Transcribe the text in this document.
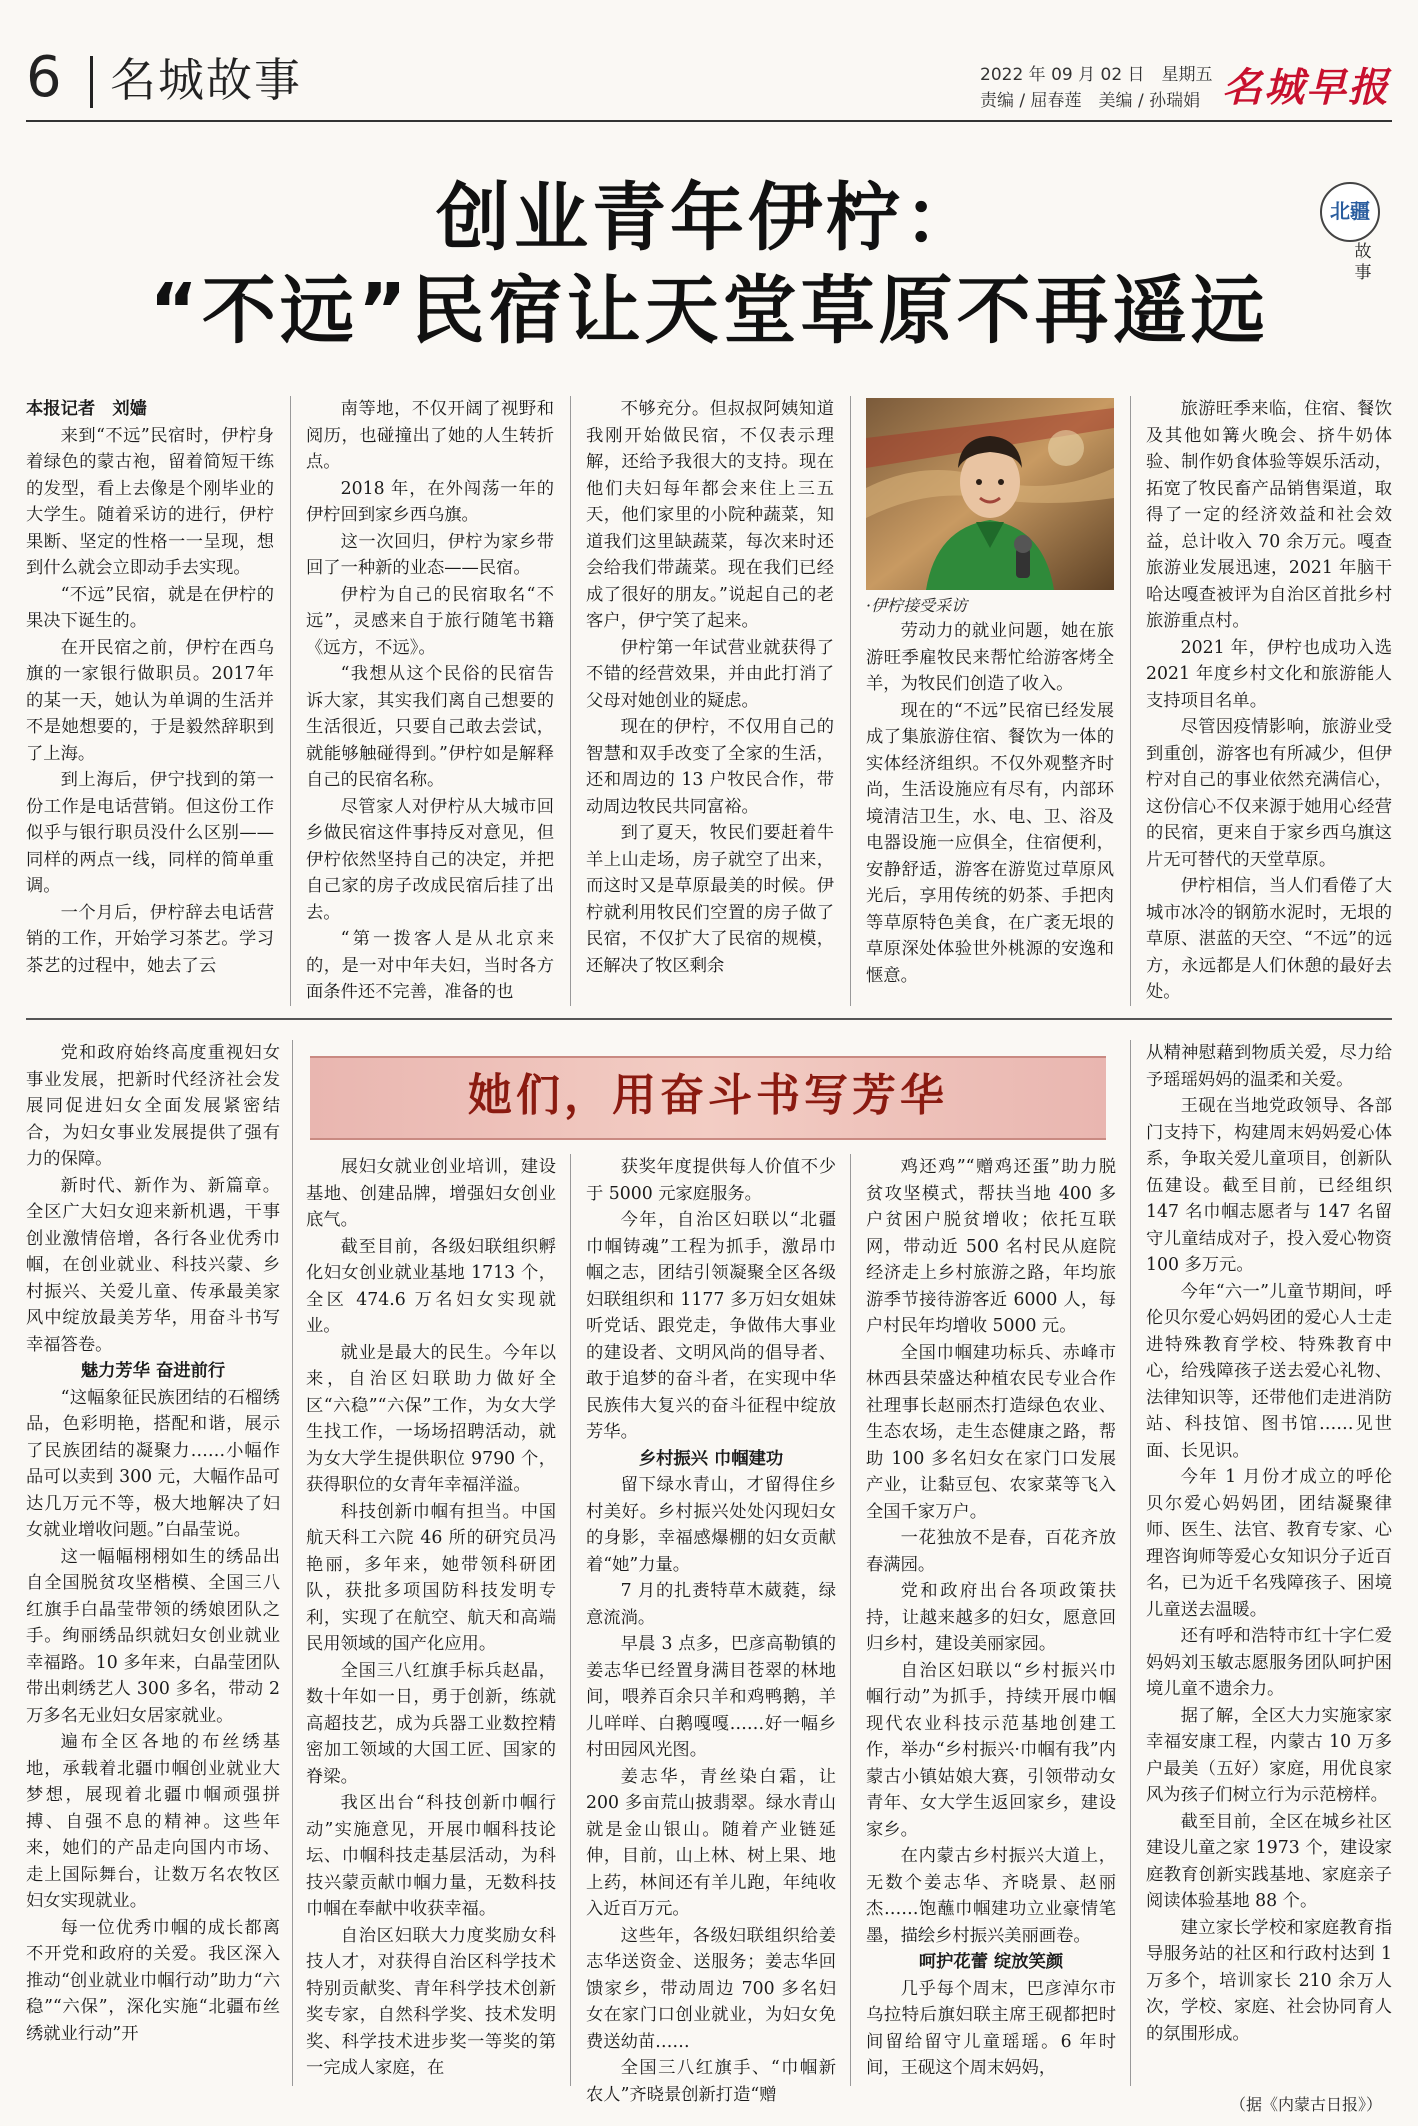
6 名城故事	2022 年 09 月 02 日　星期五
责编 / 屈春莲　美编 / 孙瑞娟 名城早报
创业青年伊柠：
“不远”民宿让天堂草原不再遥远
北疆
故事

本报记者　刘嫱

来到“不远”民宿时，伊柠身着绿色的蒙古袍，留着简短干练的发型，看上去像是个刚毕业的大学生。随着采访的进行，伊柠果断、坚定的性格一一呈现，想到什么就会立即动手去实现。

“不远”民宿，就是在伊柠的果决下诞生的。

在开民宿之前，伊柠在西乌旗的一家银行做职员。2017年的某一天，她认为单调的生活并不是她想要的，于是毅然辞职到了上海。

到上海后，伊宁找到的第一份工作是电话营销。但这份工作似乎与银行职员没什么区别——同样的两点一线，同样的简单重调。

一个月后，伊柠辞去电话营销的工作，开始学习茶艺。学习茶艺的过程中，她去了云

南等地，不仅开阔了视野和阅历，也碰撞出了她的人生转折点。

2018 年，在外闯荡一年的伊柠回到家乡西乌旗。

这一次回归，伊柠为家乡带回了一种新的业态——民宿。

伊柠为自己的民宿取名“不远”，灵感来自于旅行随笔书籍《远方，不远》。

“我想从这个民俗的民宿告诉大家，其实我们离自己想要的生活很近，只要自己敢去尝试，就能够触碰得到。”伊柠如是解释自己的民宿名称。

尽管家人对伊柠从大城市回乡做民宿这件事持反对意见，但伊柠依然坚持自己的决定，并把自己家的房子改成民宿后挂了出去。

“第一拨客人是从北京来的，是一对中年夫妇，当时各方面条件还不完善，准备的也

不够充分。但叔叔阿姨知道我刚开始做民宿，不仅表示理解，还给予我很大的支持。现在他们夫妇每年都会来住上三五天，他们家里的小院种蔬菜，知道我们这里缺蔬菜，每次来时还会给我们带蔬菜。现在我们已经成了很好的朋友。”说起自己的老客户，伊宁笑了起来。

伊柠第一年试营业就获得了不错的经营效果，并由此打消了父母对她创业的疑虑。

现在的伊柠，不仅用自己的智慧和双手改变了全家的生活，还和周边的 13 户牧民合作，带动周边牧民共同富裕。

到了夏天，牧民们要赶着牛羊上山走场，房子就空了出来，而这时又是草原最美的时候。伊柠就利用牧民们空置的房子做了民宿，不仅扩大了民宿的规模，还解决了牧区剩余

·伊柠接受采访

劳动力的就业问题，她在旅游旺季雇牧民来帮忙给游客烤全羊，为牧民们创造了收入。

现在的“不远”民宿已经发展成了集旅游住宿、餐饮为一体的实体经济组织。不仅外观整齐时尚，生活设施应有尽有，内部环境清洁卫生，水、电、卫、浴及电器设施一应俱全，住宿便利，安静舒适，游客在游览过草原风光后，享用传统的奶茶、手把肉等草原特色美食，在广袤无垠的草原深处体验世外桃源的安逸和惬意。

旅游旺季来临，住宿、餐饮及其他如篝火晚会、挤牛奶体验、制作奶食体验等娱乐活动，拓宽了牧民畜产品销售渠道，取得了一定的经济效益和社会效益，总计收入 70 余万元。嘎查旅游业发展迅速，2021 年脑干哈达嘎查被评为自治区首批乡村旅游重点村。

2021 年，伊柠也成功入选 2021 年度乡村文化和旅游能人支持项目名单。

尽管因疫情影响，旅游业受到重创，游客也有所减少，但伊柠对自己的事业依然充满信心，这份信心不仅来源于她用心经营的民宿，更来自于家乡西乌旗这片无可替代的天堂草原。

伊柠相信，当人们看倦了大城市冰冷的钢筋水泥时，无垠的草原、湛蓝的天空、“不远”的远方，永远都是人们休憩的最好去处。

她们，用奋斗书写芳华

党和政府始终高度重视妇女事业发展，把新时代经济社会发展同促进妇女全面发展紧密结合，为妇女事业发展提供了强有力的保障。

新时代、新作为、新篇章。全区广大妇女迎来新机遇，干事创业激情倍增，各行各业优秀巾帼，在创业就业、科技兴蒙、乡村振兴、关爱儿童、传承最美家风中绽放最美芳华，用奋斗书写幸福答卷。

魅力芳华 奋进前行

“这幅象征民族团结的石榴绣品，色彩明艳，搭配和谐，展示了民族团结的凝聚力……小幅作品可以卖到 300 元，大幅作品可达几万元不等，极大地解决了妇女就业增收问题。”白晶莹说。

这一幅幅栩栩如生的绣品出自全国脱贫攻坚楷模、全国三八红旗手白晶莹带领的绣娘团队之手。绚丽绣品织就妇女创业就业幸福路。10 多年来，白晶莹团队带出刺绣艺人 300 多名，带动 2 万多名无业妇女居家就业。

遍布全区各地的布丝绣基地，承载着北疆巾帼创业就业大梦想，展现着北疆巾帼顽强拼搏、自强不息的精神。这些年来，她们的产品走向国内市场、走上国际舞台，让数万名农牧区妇女实现就业。

每一位优秀巾帼的成长都离不开党和政府的关爱。我区深入推动“创业就业巾帼行动”助力“六稳”“六保”，深化实施“北疆布丝绣就业行动”开

展妇女就业创业培训，建设基地、创建品牌，增强妇女创业底气。

截至目前，各级妇联组织孵化妇女创业就业基地 1713 个，全区 474.6 万名妇女实现就业。

就业是最大的民生。今年以来，自治区妇联助力做好全区“六稳”“六保”工作，为女大学生找工作，一场场招聘活动，就为女大学生提供职位 9790 个，获得职位的女青年幸福洋溢。

科技创新巾帼有担当。中国航天科工六院 46 所的研究员冯艳丽，多年来，她带领科研团队，获批多项国防科技发明专利，实现了在航空、航天和高端民用领域的国产化应用。

全国三八红旗手标兵赵晶，数十年如一日，勇于创新，练就高超技艺，成为兵器工业数控精密加工领域的大国工匠、国家的脊梁。

我区出台“科技创新巾帼行动”实施意见，开展巾帼科技论坛、巾帼科技走基层活动，为科技兴蒙贡献巾帼力量，无数科技巾帼在奉献中收获幸福。

自治区妇联大力度奖励女科技人才，对获得自治区科学技术特别贡献奖、青年科学技术创新奖专家，自然科学奖、技术发明奖、科学技术进步奖一等奖的第一完成人家庭，在

获奖年度提供每人价值不少于 5000 元家庭服务。

今年，自治区妇联以“北疆巾帼铸魂”工程为抓手，激昂巾帼之志，团结引领凝聚全区各级妇联组织和 1177 多万妇女姐妹听党话、跟党走，争做伟大事业的建设者、文明风尚的倡导者、敢于追梦的奋斗者，在实现中华民族伟大复兴的奋斗征程中绽放芳华。

乡村振兴 巾帼建功

留下绿水青山，才留得住乡村美好。乡村振兴处处闪现妇女的身影，幸福感爆棚的妇女贡献着“她”力量。

7 月的扎赉特草木葳蕤，绿意流淌。

早晨 3 点多，巴彦高勒镇的姜志华已经置身满目苍翠的林地间，喂养百余只羊和鸡鸭鹅，羊儿咩咩、白鹅嘎嘎……好一幅乡村田园风光图。

姜志华，青丝染白霜，让 200 多亩荒山披翡翠。绿水青山就是金山银山。随着产业链延伸，目前，山上林、树上果、地上药，林间还有羊儿跑，年纯收入近百万元。

这些年，各级妇联组织给姜志华送资金、送服务；姜志华回馈家乡，带动周边 700 多名妇女在家门口创业就业，为妇女免费送幼苗……

全国三八红旗手、“巾帼新农人”齐晓景创新打造“赠

鸡还鸡”“赠鸡还蛋”助力脱贫攻坚模式，帮扶当地 400 多户贫困户脱贫增收；依托互联网，带动近 500 名村民从庭院经济走上乡村旅游之路，年均旅游季节接待游客近 6000 人，每户村民年均增收 5000 元。

全国巾帼建功标兵、赤峰市林西县荣盛达种植农民专业合作社理事长赵丽杰打造绿色农业、生态农场，走生态健康之路，帮助 100 多名妇女在家门口发展产业，让黏豆包、农家菜等飞入全国千家万户。

一花独放不是春，百花齐放春满园。

党和政府出台各项政策扶持，让越来越多的妇女，愿意回归乡村，建设美丽家园。

自治区妇联以“乡村振兴巾帼行动”为抓手，持续开展巾帼现代农业科技示范基地创建工作，举办“乡村振兴·巾帼有我”内蒙古小镇姑娘大赛，引领带动女青年、女大学生返回家乡，建设家乡。

在内蒙古乡村振兴大道上，无数个姜志华、齐晓景、赵丽杰……饱蘸巾帼建功立业豪情笔墨，描绘乡村振兴美丽画卷。

呵护花蕾 绽放笑颜

几乎每个周末，巴彦淖尔市乌拉特后旗妇联主席王砚都把时间留给留守儿童瑶瑶。6 年时间，王砚这个周末妈妈，

从精神慰藉到物质关爱，尽力给予瑶瑶妈妈的温柔和关爱。

王砚在当地党政领导、各部门支持下，构建周末妈妈爱心体系，争取关爱儿童项目，创新队伍建设。截至目前，已经组织 147 名巾帼志愿者与 147 名留守儿童结成对子，投入爱心物资 100 多万元。

今年“六一”儿童节期间，呼伦贝尔爱心妈妈团的爱心人士走进特殊教育学校、特殊教育中心，给残障孩子送去爱心礼物、法律知识等，还带他们走进消防站、科技馆、图书馆……见世面、长见识。

今年 1 月份才成立的呼伦贝尔爱心妈妈团，团结凝聚律师、医生、法官、教育专家、心理咨询师等爱心女知识分子近百名，已为近千名残障孩子、困境儿童送去温暖。

还有呼和浩特市红十字仁爱妈妈刘玉敏志愿服务团队呵护困境儿童不遗余力。

据了解，全区大力实施家家幸福安康工程，内蒙古 10 万多户最美（五好）家庭，用优良家风为孩子们树立行为示范榜样。

截至目前，全区在城乡社区建设儿童之家 1973 个，建设家庭教育创新实践基地、家庭亲子阅读体验基地 88 个。

建立家长学校和家庭教育指导服务站的社区和行政村达到 1 万多个，培训家长 210 余万人次，学校、家庭、社会协同育人的氛围形成。

（据《内蒙古日报》）
